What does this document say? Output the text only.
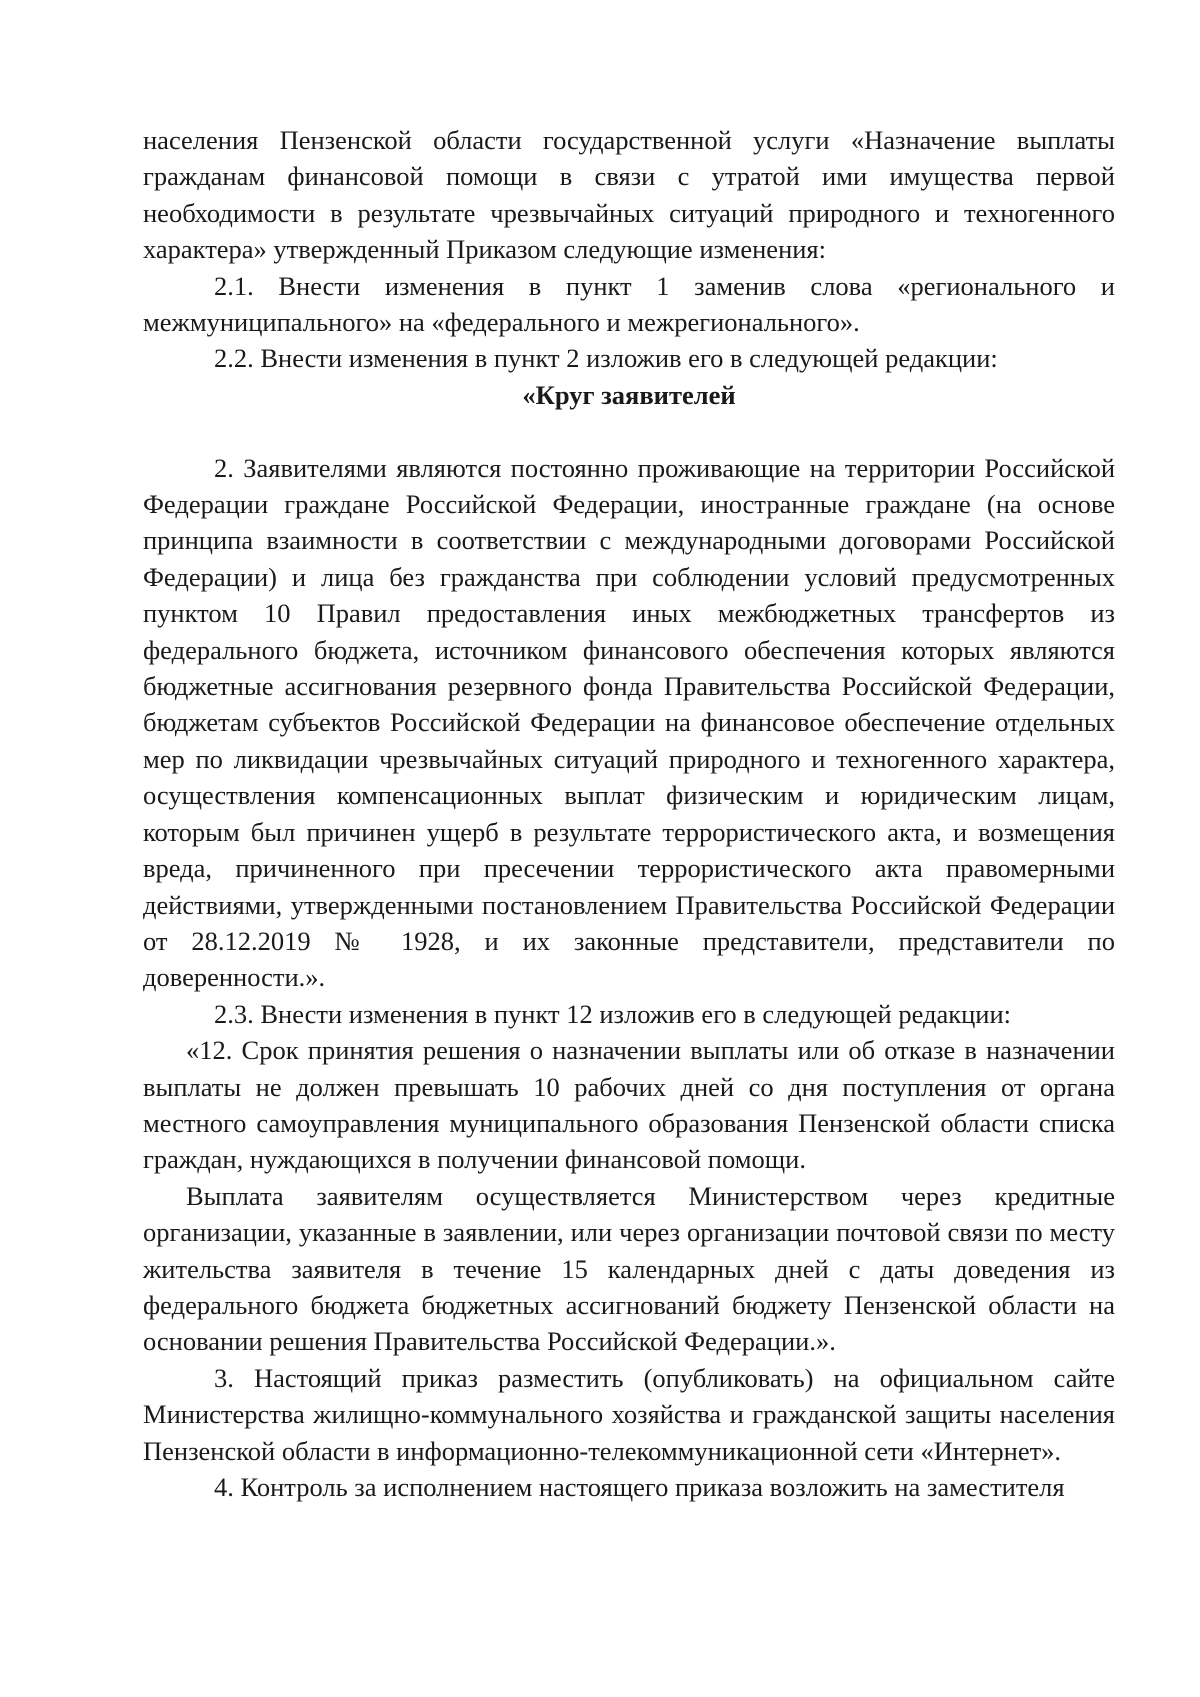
населения Пензенской области государственной услуги «Назначение выплаты гражданам финансовой помощи в связи с утратой ими имущества первой необходимости в результате чрезвычайных ситуаций природного и техногенного характера» утвержденный Приказом следующие изменения:

2.1. Внести изменения в пункт 1 заменив слова «регионального и межмуниципального» на «федерального и межрегионального».

2.2. Внести изменения в пункт 2 изложив его в следующей редакции:

«Круг заявителей

2. Заявителями являются постоянно проживающие на территории Российской Федерации граждане Российской Федерации, иностранные граждане (на основе принципа взаимности в соответствии с международными договорами Российской Федерации) и лица без гражданства при соблюдении условий предусмотренных пунктом 10 Правил предоставления иных межбюджетных трансфертов из федерального бюджета, источником финансового обеспечения которых являются бюджетные ассигнования резервного фонда Правительства Российской Федерации, бюджетам субъектов Российской Федерации на финансовое обеспечение отдельных мер по ликвидации чрезвычайных ситуаций природного и техногенного характера, осуществления компенсационных выплат физическим и юридическим лицам, которым был причинен ущерб в результате террористического акта, и возмещения вреда, причиненного при пресечении террористического акта правомерными действиями, утвержденными постановлением Правительства Российской Федерации от 28.12.2019 № 1928, и их законные представители, представители по доверенности.».

2.3. Внести изменения в пункт 12 изложив его в следующей редакции:

«12. Срок принятия решения о назначении выплаты или об отказе в назначении выплаты не должен превышать 10 рабочих дней со дня поступления от органа местного самоуправления муниципального образования Пензенской области списка граждан, нуждающихся в получении финансовой помощи.

Выплата заявителям осуществляется Министерством через кредитные организации, указанные в заявлении, или через организации почтовой связи по месту жительства заявителя в течение 15 календарных дней с даты доведения из федерального бюджета бюджетных ассигнований бюджету Пензенской области на основании решения Правительства Российской Федерации.».

3. Настоящий приказ разместить (опубликовать) на официальном сайте Министерства жилищно-коммунального хозяйства и гражданской защиты населения Пензенской области в информационно-телекоммуникационной сети «Интернет».

4. Контроль за исполнением настоящего приказа возложить на заместителя
